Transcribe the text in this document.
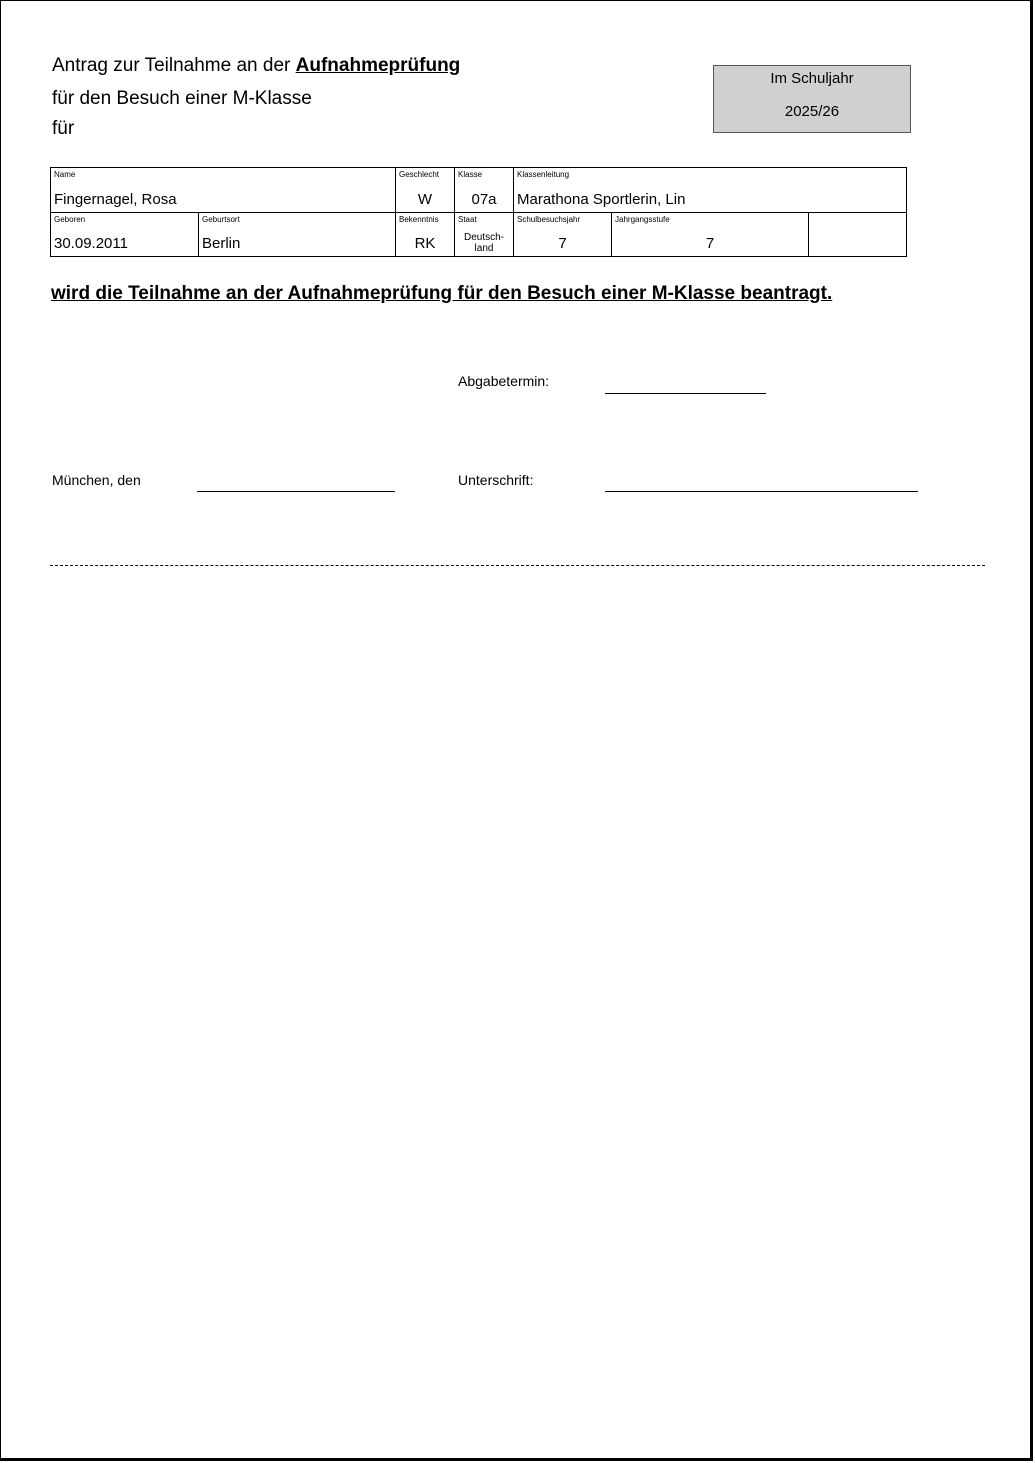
Antrag zur Teilnahme an der Aufnahmeprüfung
für den Besuch einer M-Klasse
für
Im Schuljahr
2025/26
Name
Fingernagel, Rosa
Geschlecht
W
Klasse
07a
Klassenleitung
Marathona Sportlerin, Lin
Geboren
30.09.2011
Geburtsort
Berlin
Bekenntnis
RK
Staat
Deutsch-
land
Schulbesuchsjahr
7
Jahrgangsstufe
7
wird die Teilnahme an der Aufnahmeprüfung für den Besuch einer M-Klasse beantragt.
Abgabetermin:
München, den	Unterschrift:
